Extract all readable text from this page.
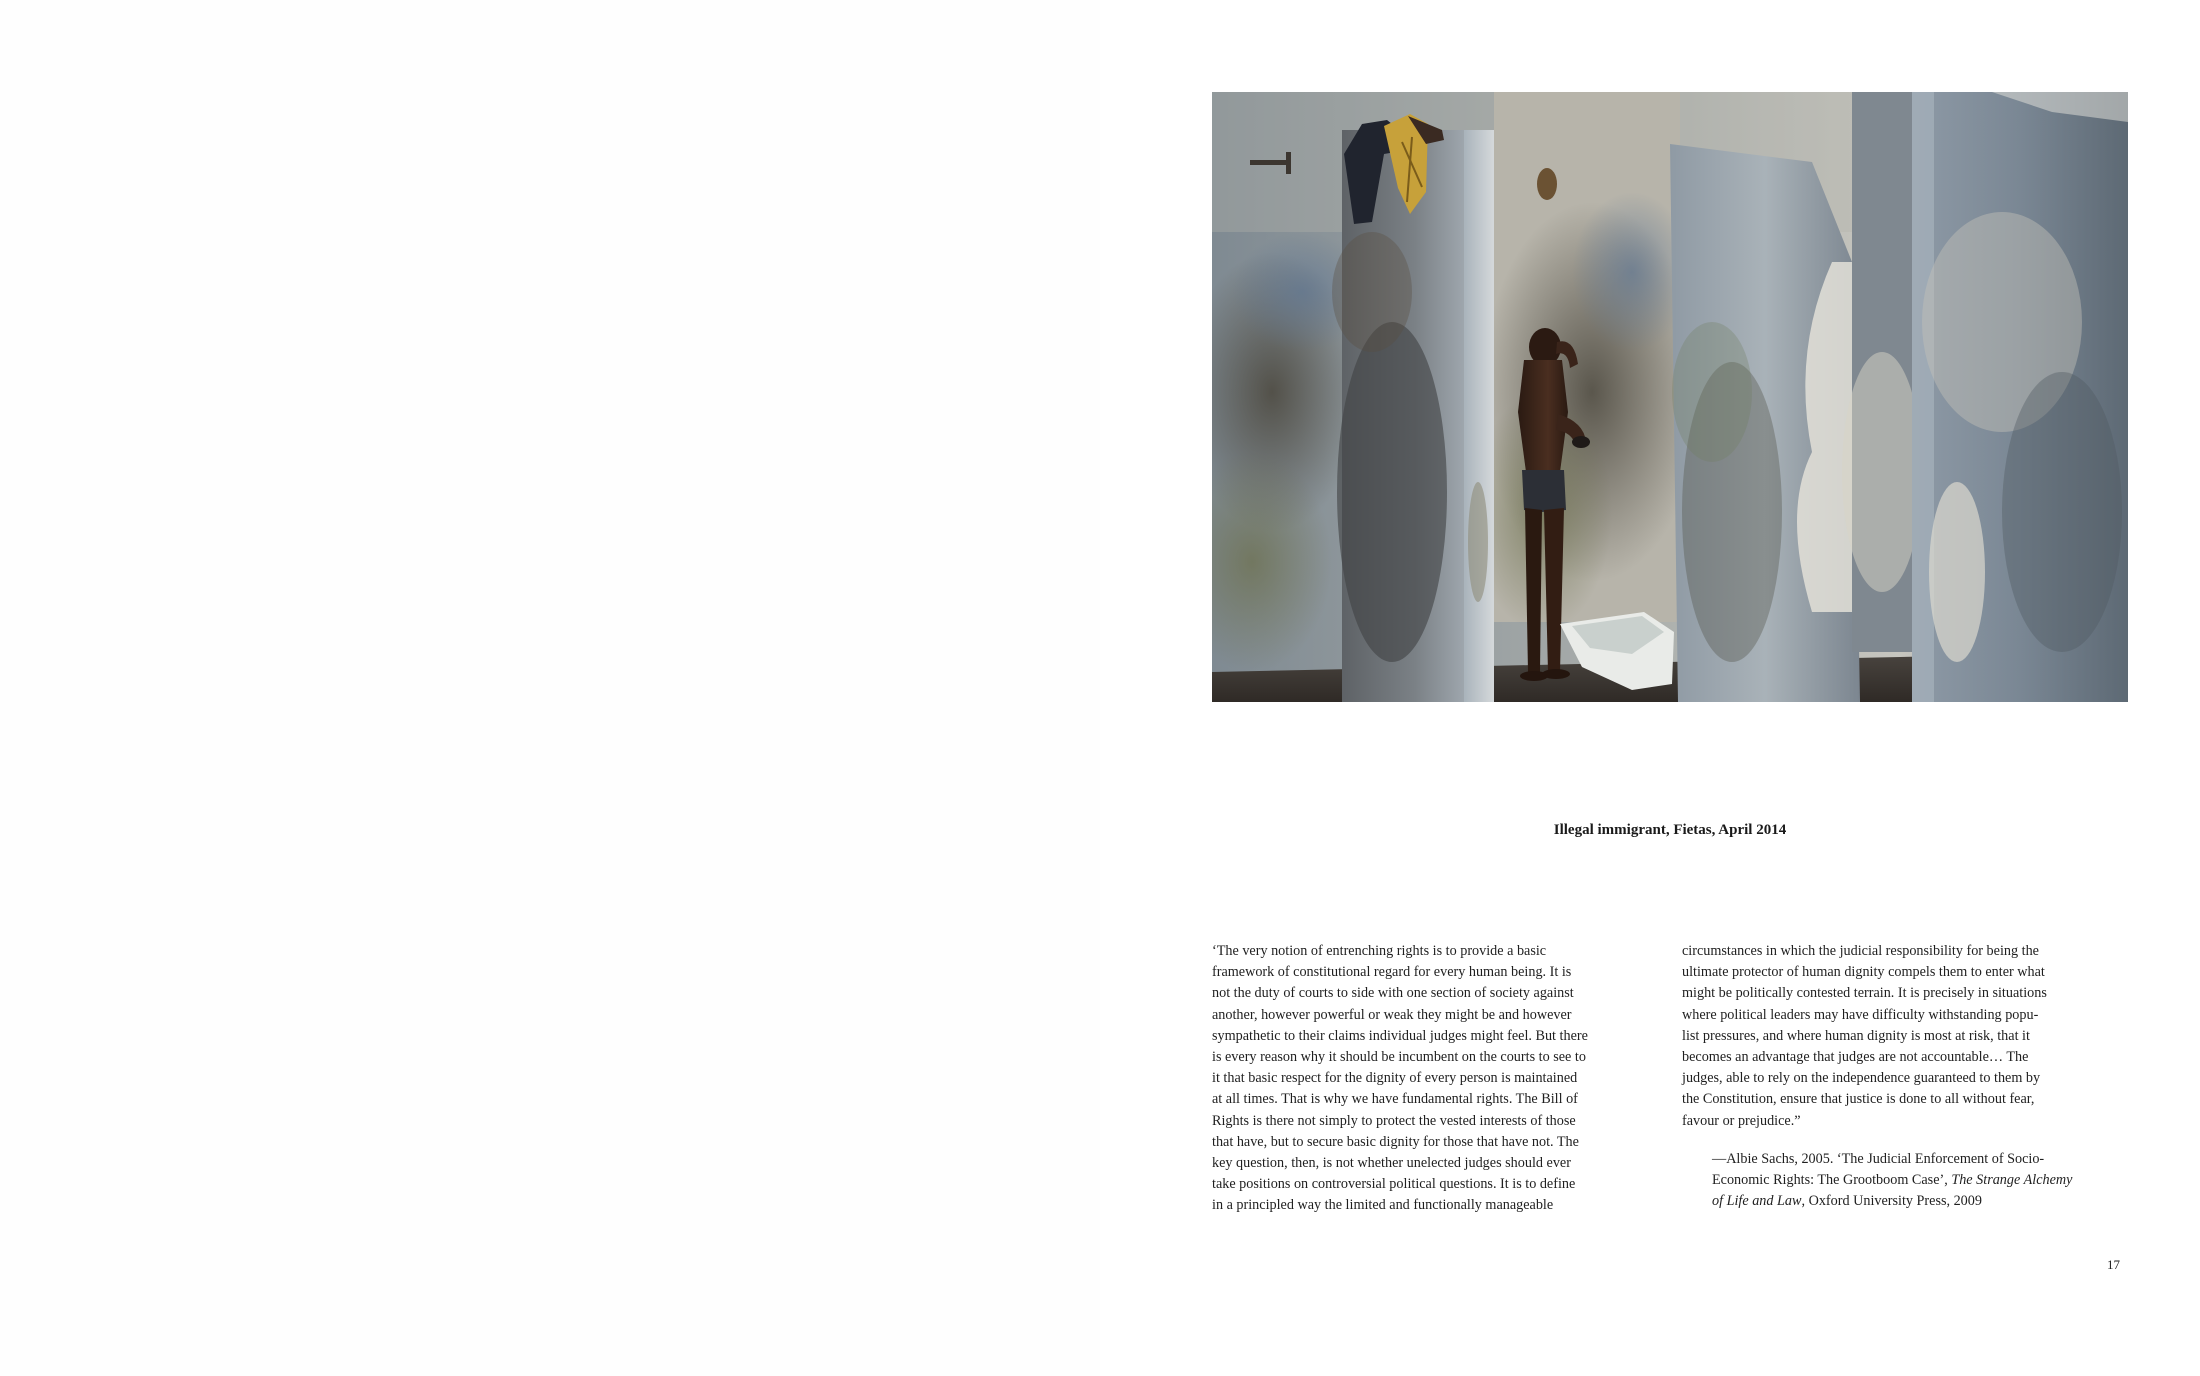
Illegal immigrant, Fietas, April 2014

‘The very notion of entrenching rights is to provide a basic
framework of constitutional regard for every human being. It is
not the duty of courts to side with one section of society against
another, however powerful or weak they might be and however
sympathetic to their claims individual judges might feel. But there
is every reason why it should be incumbent on the courts to see to
it that basic respect for the dignity of every person is maintained
at all times. That is why we have fundamental rights. The Bill of
Rights is there not simply to protect the vested interests of those
that have, but to secure basic dignity for those that have not. The
key question, then, is not whether unelected judges should ever
take positions on controversial political questions. It is to define
in a principled way the limited and functionally manageable

circumstances in which the judicial responsibility for being the
ultimate protector of human dignity compels them to enter what
might be politically contested terrain. It is precisely in situations
where political leaders may have difficulty withstanding popu-
list pressures, and where human dignity is most at risk, that it
becomes an advantage that judges are not accountable… The
judges, able to rely on the independence guaranteed to them by
the Constitution, ensure that justice is done to all without fear,
favour or prejudice.”

—Albie Sachs, 2005. ‘The Judicial Enforcement of Socio-
Economic Rights: The Grootboom Case’, The Strange Alchemy
of Life and Law, Oxford University Press, 2009
17
